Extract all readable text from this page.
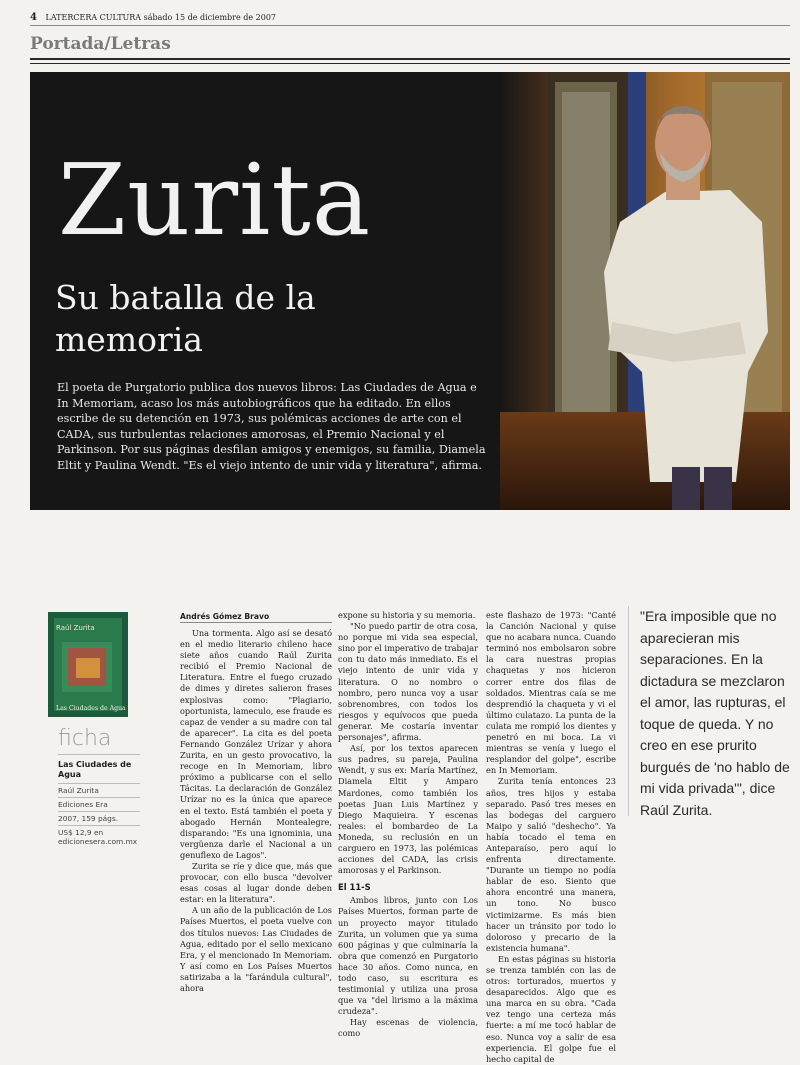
4 LATERCERA CULTURA sábado 15 de diciembre de 2007
Portada/Letras
Zurita
Su batalla de la memoria
El poeta de Purgatorio publica dos nuevos libros: Las Ciudades de Agua e In Memoriam, acaso los más autobiográficos que ha editado. En ellos escribe de su detención en 1973, sus polémicas acciones de arte con el CADA, sus turbulentas relaciones amorosas, el Premio Nacional y el Parkinson. Por sus páginas desfilan amigos y enemigos, su familia, Diamela Eltit y Paulina Wendt. "Es el viejo intento de unir vida y literatura", afirma.
Raúl Zurita
Las Ciudades de Agua
ficha
Las Ciudades de Agua
Raúl Zurita
Ediciones Era
2007, 159 págs.
US$ 12,9 en edicionesera.com.mx
Andrés Gómez Bravo

Una tormenta. Algo así se desató en el medio literario chileno hace siete años cuando Raúl Zurita recibió el Premio Nacional de Literatura. Entre el fuego cruzado de dimes y diretes salieron frases explosivas como: "Plagiario, oportunista, lameculo, ese fraude es capaz de vender a su madre con tal de aparecer". La cita es del poeta Fernando González Urízar y ahora Zurita, en un gesto provocativo, la recoge en In Memoriam, libro próximo a publicarse con el sello Tácitas. La declaración de González Urízar no es la única que aparece en el texto. Está también el poeta y abogado Hernán Montealegre, disparando: "Es una ignominia, una vergüenza darle el Nacional a un genuflexo de Lagos".

Zurita se ríe y dice que, más que provocar, con ello busca "devolver esas cosas al lugar donde deben estar: en la literatura".

A un año de la publicación de Los Países Muertos, el poeta vuelve con dos títulos nuevos: Las Ciudades de Agua, editado por el sello mexicano Era, y el mencionado In Memoriam. Y así como en Los Países Muertos satirizaba a la "farándula cultural", ahora

expone su historia y su memoria.

"No puedo partir de otra cosa, no porque mi vida sea especial, sino por el imperativo de trabajar con tu dato más inmediato. Es el viejo intento de unir vida y literatura. O no nombro o nombro, pero nunca voy a usar sobrenombres, con todos los riesgos y equívocos que pueda generar. Me costaría inventar personajes", afirma.

Así, por los textos aparecen sus padres, su pareja, Paulina Wendt, y sus ex: María Martínez, Diamela Eltit y Amparo Mardones, como también los poetas Juan Luis Martínez y Diego Maquieira. Y escenas reales: el bombardeo de La Moneda, su reclusión en un carguero en 1973, las polémicas acciones del CADA, las crisis amorosas y el Parkinson.

El 11-S

Ambos libros, junto con Los Países Muertos, forman parte de un proyecto mayor titulado Zurita, un volumen que ya suma 600 páginas y que culminaría la obra que comenzó en Purgatorio hace 30 años. Como nunca, en todo caso, su escritura es testimonial y utiliza una prosa que va "del lirismo a la máxima crudeza".

Hay escenas de violencia, como

este flashazo de 1973: "Canté la Canción Nacional y quise que no acabara nunca. Cuando terminó nos embolsaron sobre la cara nuestras propias chaquetas y nos hicieron correr entre dos filas de soldados. Mientras caía se me desprendió la chaqueta y vi el último culatazo. La punta de la culata me rompió los dientes y penetró en mi boca. La vi mientras se venía y luego el resplandor del golpe", escribe en In Memoriam.

Zurita tenía entonces 23 años, tres hijos y estaba separado. Pasó tres meses en las bodegas del carguero Maipo y salió "deshecho". Ya había tocado el tema en Anteparaíso, pero aquí lo enfrenta directamente. "Durante un tiempo no podía hablar de eso. Siento que ahora encontré una manera, un tono. No busco victimizarme. Es más bien hacer un tránsito por todo lo doloroso y precario de la existencia humana".

En estas páginas su historia se trenza también con las de otros: torturados, muertos y desaparecidos. Algo que es una marca en su obra. "Cada vez tengo una certeza más fuerte: a mí me tocó hablar de eso. Nunca voy a salir de esa experiencia. El golpe fue el hecho capital de

"Era imposible que no aparecieran mis separaciones. En la dictadura se mezclaron el amor, las rupturas, el toque de queda. Y no creo en ese prurito burgués de 'no hablo de mi vida privada'", dice Raúl Zurita.
